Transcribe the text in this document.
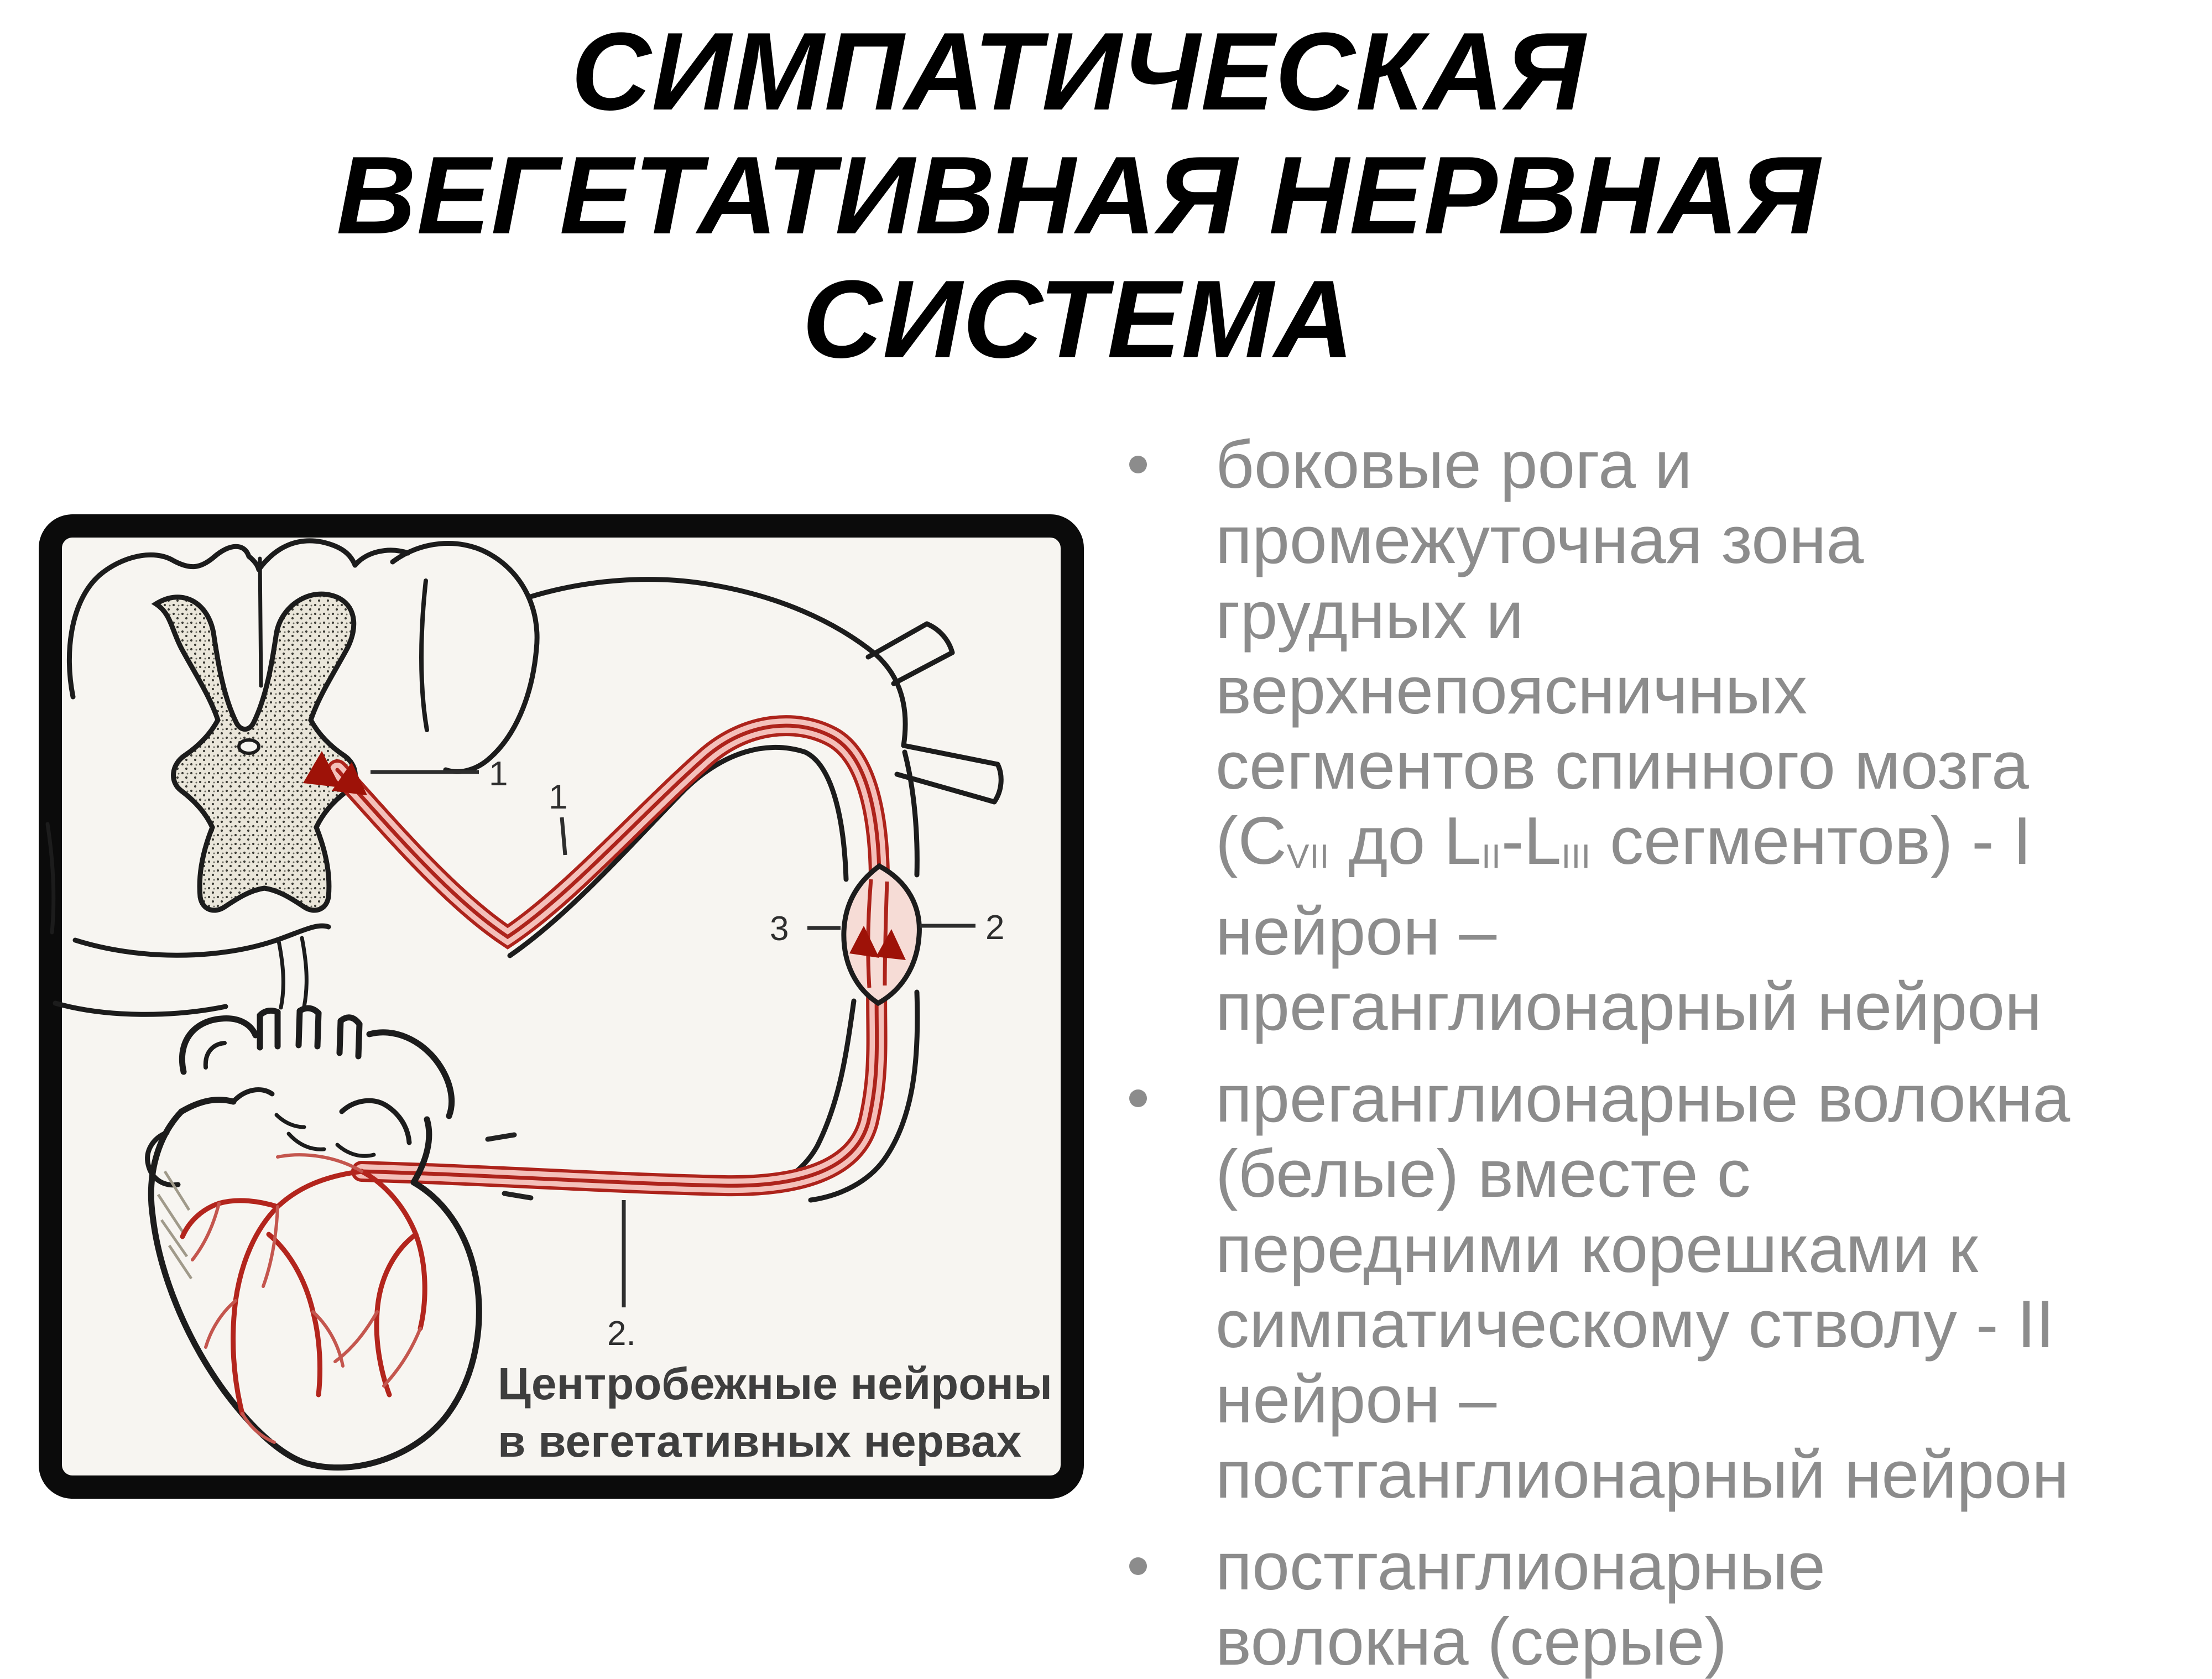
СИМПАТИЧЕСКАЯ
ВЕГЕТАТИВНАЯ НЕРВНАЯ
СИСТЕМА
1
1
3	2
2.
Центробежные нейроны
в вегетативных нервах
боковые рога и
промежуточная зона
грудных и
верхнепоясничных
сегментов спинного мозга
(CVII до LII-LIII сегментов) - I
нейрон –
преганглионарный нейрон
преганглионарные волокна
(белые) вместе с
передними корешками к
симпатическому стволу - II
нейрон –
постганглионарный нейрон
постганглионарные
волокна (серые)
